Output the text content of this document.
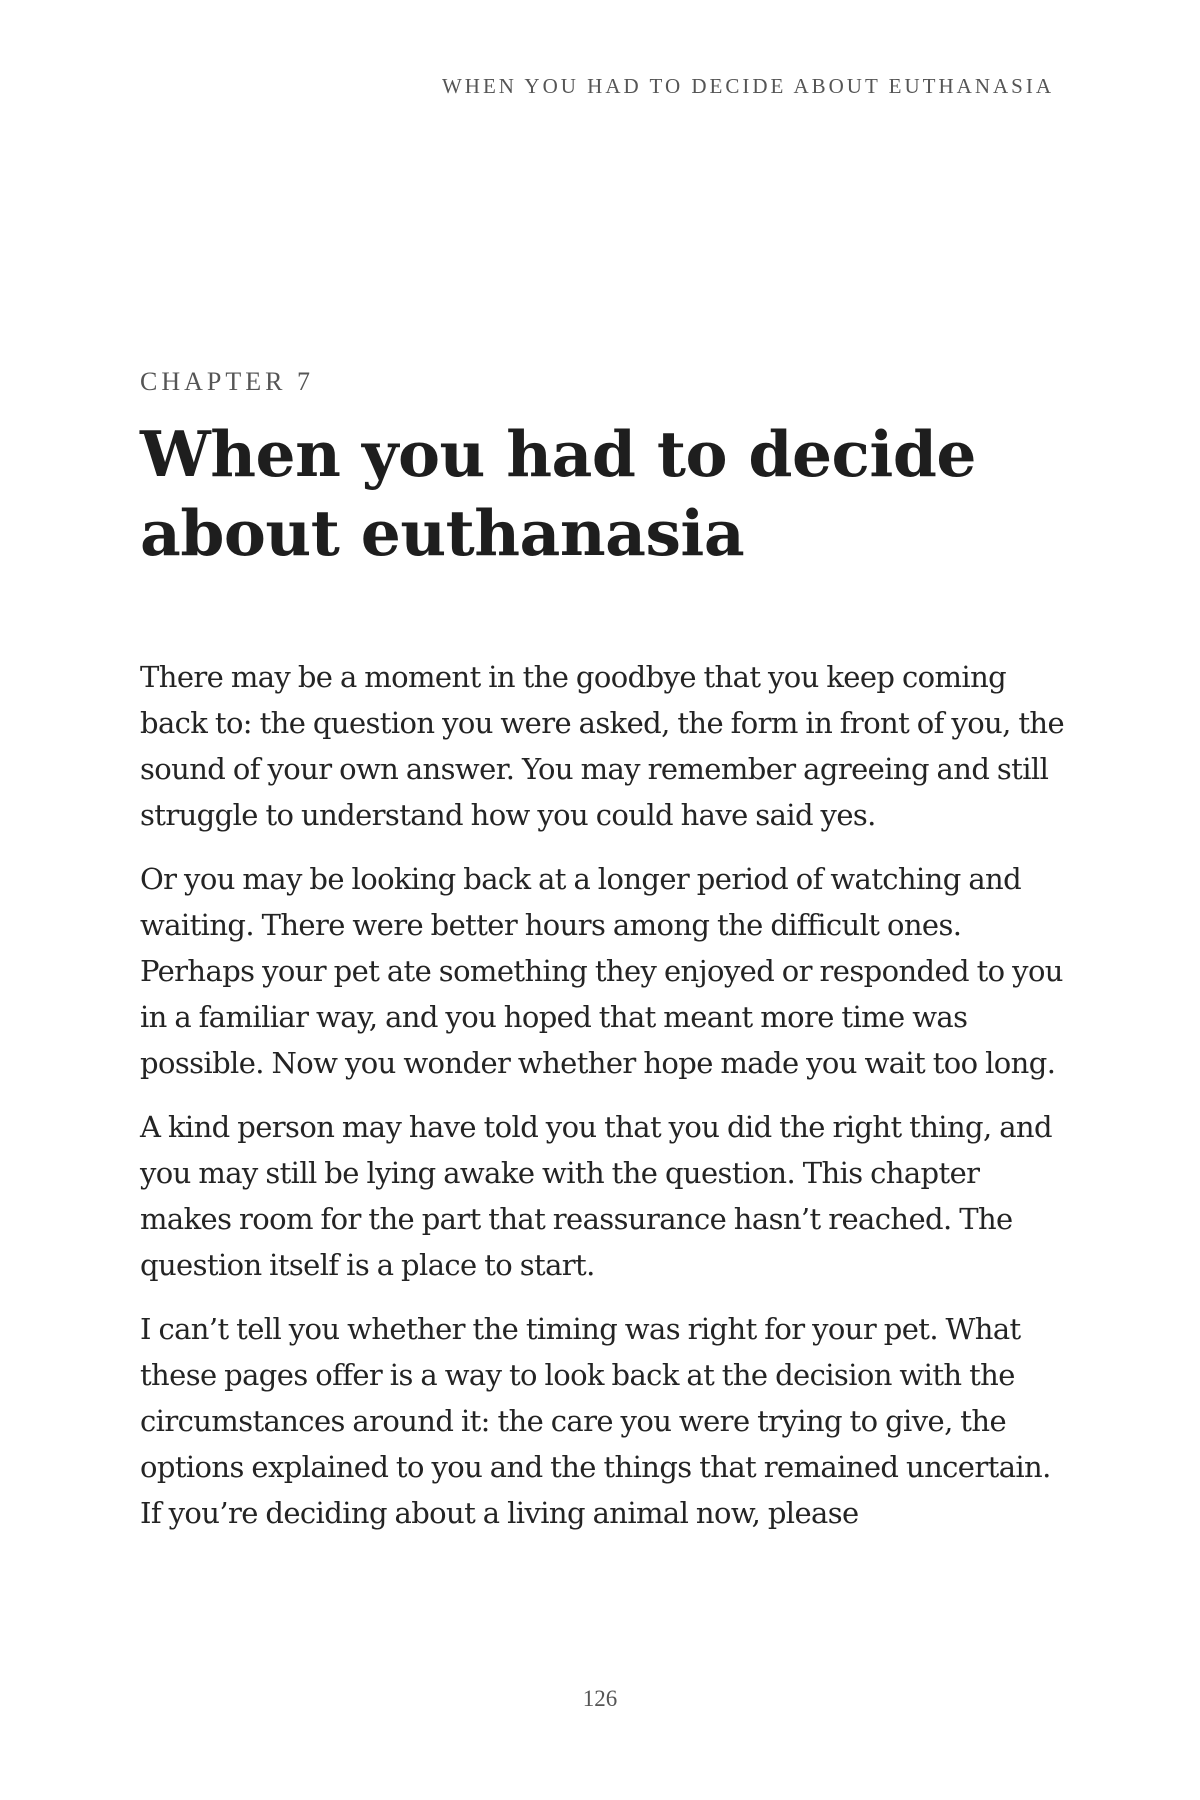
WHEN YOU HAD TO DECIDE ABOUT EUTHANASIA
CHAPTER 7
When you had to decide about euthanasia

There may be a moment in the goodbye that you keep coming back to: the question you were asked, the form in front of you, the sound of your own answer. You may remember agreeing and still struggle to understand how you could have said yes.

Or you may be looking back at a longer period of watching and waiting. There were better hours among the difficult ones. Perhaps your pet ate something they enjoyed or responded to you in a familiar way, and you hoped that meant more time was possible. Now you wonder whether hope made you wait too long.

A kind person may have told you that you did the right thing, and you may still be lying awake with the question. This chapter makes room for the part that reassurance hasn’t reached. The question itself is a place to start.

I can’t tell you whether the timing was right for your pet. What these pages offer is a way to look back at the decision with the circumstances around it: the care you were trying to give, the options explained to you and the things that remained uncertain. If you’re deciding about a living animal now, please

126
